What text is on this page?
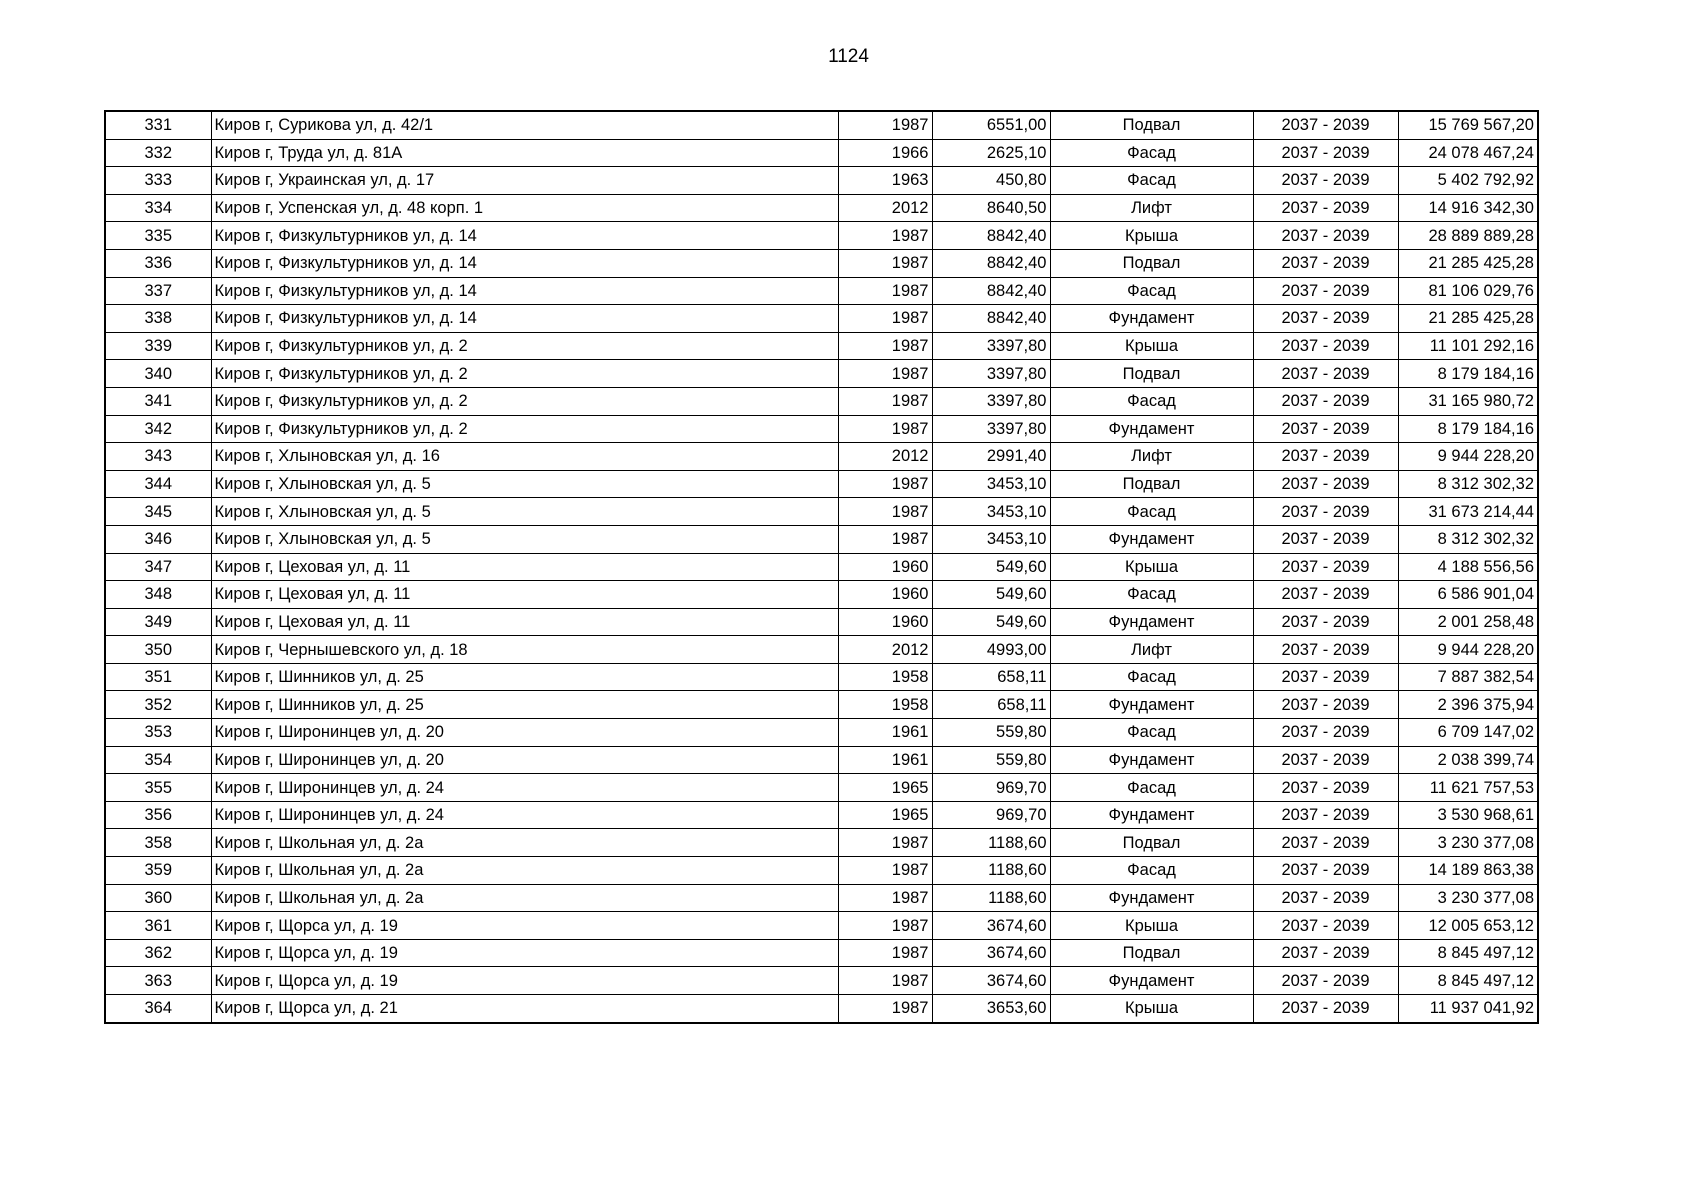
1124
331	Киров г, Сурикова ул, д. 42/1	1987	6551,00	Подвал	2037 - 2039	15 769 567,20
332	Киров г, Труда ул, д. 81А	1966	2625,10	Фасад	2037 - 2039	24 078 467,24
333	Киров г, Украинская ул, д. 17	1963	450,80	Фасад	2037 - 2039	5 402 792,92
334	Киров г, Успенская ул, д. 48 корп. 1	2012	8640,50	Лифт	2037 - 2039	14 916 342,30
335	Киров г, Физкультурников ул, д. 14	1987	8842,40	Крыша	2037 - 2039	28 889 889,28
336	Киров г, Физкультурников ул, д. 14	1987	8842,40	Подвал	2037 - 2039	21 285 425,28
337	Киров г, Физкультурников ул, д. 14	1987	8842,40	Фасад	2037 - 2039	81 106 029,76
338	Киров г, Физкультурников ул, д. 14	1987	8842,40	Фундамент	2037 - 2039	21 285 425,28
339	Киров г, Физкультурников ул, д. 2	1987	3397,80	Крыша	2037 - 2039	11 101 292,16
340	Киров г, Физкультурников ул, д. 2	1987	3397,80	Подвал	2037 - 2039	8 179 184,16
341	Киров г, Физкультурников ул, д. 2	1987	3397,80	Фасад	2037 - 2039	31 165 980,72
342	Киров г, Физкультурников ул, д. 2	1987	3397,80	Фундамент	2037 - 2039	8 179 184,16
343	Киров г, Хлыновская ул, д. 16	2012	2991,40	Лифт	2037 - 2039	9 944 228,20
344	Киров г, Хлыновская ул, д. 5	1987	3453,10	Подвал	2037 - 2039	8 312 302,32
345	Киров г, Хлыновская ул, д. 5	1987	3453,10	Фасад	2037 - 2039	31 673 214,44
346	Киров г, Хлыновская ул, д. 5	1987	3453,10	Фундамент	2037 - 2039	8 312 302,32
347	Киров г, Цеховая ул, д. 11	1960	549,60	Крыша	2037 - 2039	4 188 556,56
348	Киров г, Цеховая ул, д. 11	1960	549,60	Фасад	2037 - 2039	6 586 901,04
349	Киров г, Цеховая ул, д. 11	1960	549,60	Фундамент	2037 - 2039	2 001 258,48
350	Киров г, Чернышевского ул, д. 18	2012	4993,00	Лифт	2037 - 2039	9 944 228,20
351	Киров г, Шинников ул, д. 25	1958	658,11	Фасад	2037 - 2039	7 887 382,54
352	Киров г, Шинников ул, д. 25	1958	658,11	Фундамент	2037 - 2039	2 396 375,94
353	Киров г, Широнинцев ул, д. 20	1961	559,80	Фасад	2037 - 2039	6 709 147,02
354	Киров г, Широнинцев ул, д. 20	1961	559,80	Фундамент	2037 - 2039	2 038 399,74
355	Киров г, Широнинцев ул, д. 24	1965	969,70	Фасад	2037 - 2039	11 621 757,53
356	Киров г, Широнинцев ул, д. 24	1965	969,70	Фундамент	2037 - 2039	3 530 968,61
358	Киров г, Школьная ул, д. 2а	1987	1188,60	Подвал	2037 - 2039	3 230 377,08
359	Киров г, Школьная ул, д. 2а	1987	1188,60	Фасад	2037 - 2039	14 189 863,38
360	Киров г, Школьная ул, д. 2а	1987	1188,60	Фундамент	2037 - 2039	3 230 377,08
361	Киров г, Щорса ул, д. 19	1987	3674,60	Крыша	2037 - 2039	12 005 653,12
362	Киров г, Щорса ул, д. 19	1987	3674,60	Подвал	2037 - 2039	8 845 497,12
363	Киров г, Щорса ул, д. 19	1987	3674,60	Фундамент	2037 - 2039	8 845 497,12
364	Киров г, Щорса ул, д. 21	1987	3653,60	Крыша	2037 - 2039	11 937 041,92
